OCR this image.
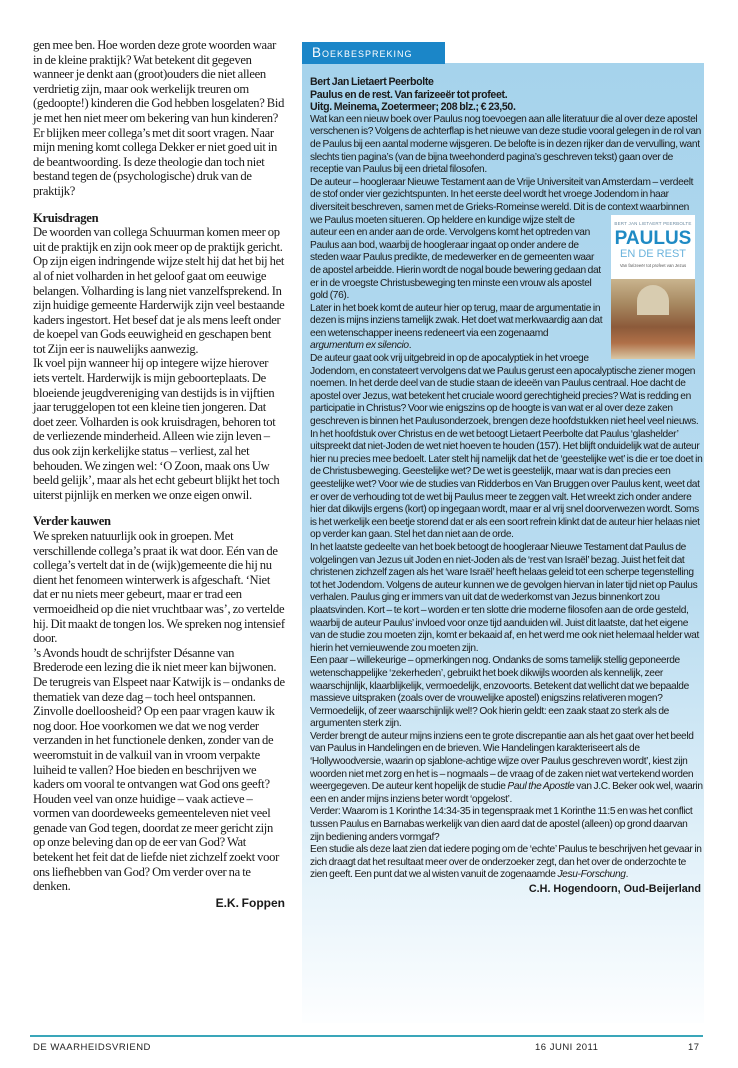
gen mee ben. Hoe worden deze grote woorden waar in de kleine praktijk? Wat betekent dit gegeven wanneer je denkt aan (groot)ouders die niet alleen verdrietig zijn, maar ook werkelijk treuren om (gedoopte!) kinderen die God hebben losgelaten? Bid je met hen niet meer om bekering van hun kinderen? Er blijken meer collega’s met dit soort vragen. Naar mijn mening komt collega Dekker er niet goed uit in de beantwoording. Is deze theologie dan toch niet bestand tegen de (psychologische) druk van de praktijk?

Kruisdragen

De woorden van collega Schuurman komen meer op uit de praktijk en zijn ook meer op de praktijk gericht. Op zijn eigen indringende wijze stelt hij dat het bij het al of niet volharden in het geloof gaat om eeuwige belangen. Volharding is lang niet vanzelfsprekend. In zijn huidige gemeente Harderwijk zijn veel bestaande kaders ingestort. Het besef dat je als mens leeft onder de koepel van Gods eeuwigheid en geschapen bent tot Zijn eer is nauwelijks aanwezig.

Ik voel pijn wanneer hij op integere wijze hierover iets vertelt. Harderwijk is mijn geboorteplaats. De bloeiende jeugdvereniging van destijds is in vijftien jaar teruggelopen tot een kleine tien jongeren. Dat doet zeer. Volharden is ook kruisdragen, behoren tot de verliezende minderheid. Alleen wie zijn leven – dus ook zijn kerkelijke status – verliest, zal het behouden. We zingen wel: ‘O Zoon, maak ons Uw beeld gelijk’, maar als het echt gebeurt blijkt het toch uiterst pijnlijk en merken we onze eigen onwil.

Verder kauwen

We spreken natuurlijk ook in groepen. Met verschillende collega’s praat ik wat door. Eén van de collega’s vertelt dat in de (wijk)gemeente die hij nu dient het fenomeen winterwerk is afgeschaft. ‘Niet dat er nu niets meer gebeurt, maar er trad een vermoeidheid op die niet vruchtbaar was’, zo vertelde hij. Dit maakt de tongen los. We spreken nog intensief door.

’s Avonds houdt de schrijfster Désanne van Brederode een lezing die ik niet meer kan bijwonen. De terugreis van Elspeet naar Katwijk is – ondanks de thematiek van deze dag – toch heel ontspannen. Zinvolle doelloosheid? Op een paar vragen kauw ik nog door. Hoe voorkomen we dat we nog verder verzanden in het functionele denken, zonder van de weeromstuit in de valkuil van in vroom verpakte luiheid te vallen? Hoe bieden en beschrijven we kaders om vooral te ontvangen wat God ons geeft? Houden veel van onze huidige – vaak actieve – vormen van doordeweeks gemeenteleven niet veel genade van God tegen, doordat ze meer gericht zijn op onze beleving dan op de eer van God? Wat betekent het feit dat de liefde niet zichzelf zoekt voor ons liefhebben van God? Om verder over na te denken.

E.K. Foppen

Boekbespreking

Bert Jan Lietaert Peerbolte

Paulus en de rest. Van farizeeër tot profeet.

Uitg. Meinema, Zoetermeer; 208 blz.; € 23,50.

Wat kan een nieuw boek over Paulus nog toevoegen aan alle literatuur die al over deze apostel verschenen is? Volgens de achterflap is het nieuwe van deze studie vooral gelegen in de rol van de Paulus bij een aantal moderne wijsgeren. De belofte is in dezen rijker dan de vervulling, want slechts tien pagina’s (van de bijna tweehonderd pagina’s geschreven tekst) gaan over de receptie van Paulus bij een drietal filosofen.

BERT JAN LIETAERT PEERBOLTE
PAULUS
EN DE REST
Van farizeeër tot profeet van Jezus

De auteur – hoogleraar Nieuwe Testament aan de Vrije Universiteit van Amsterdam – verdeelt de stof onder vier gezichtspunten. In het eerste deel wordt het vroege Jodendom in haar diversiteit beschreven, samen met de Grieks-Romeinse wereld. Dit is de context waarbinnen we Paulus moeten situeren. Op heldere en kundige wijze stelt de auteur een en ander aan de orde. Vervolgens komt het optreden van Paulus aan bod, waarbij de hoogleraar ingaat op onder andere de steden waar Paulus predikte, de medewerker en de gemeenten waar de apostel arbeidde. Hierin wordt de nogal boude bewering gedaan dat er in de vroegste Christusbeweging ten minste een vrouw als apostel gold (76).

Later in het boek komt de auteur hier op terug, maar de argumentatie in dezen is mijns inziens tamelijk zwak. Het doet wat merkwaardig aan dat een wetenschapper ineens redeneert via een zogenaamd argumentum ex silencio.

De auteur gaat ook vrij uitgebreid in op de apocalyptiek in het vroege Jodendom, en constateert vervolgens dat we Paulus gerust een apocalyptische ziener mogen noemen. In het derde deel van de studie staan de ideeën van Paulus centraal. Hoe dacht de apostel over Jezus, wat betekent het cruciale woord gerechtigheid precies? Wat is redding en participatie in Christus? Voor wie enigszins op de hoogte is van wat er al over deze zaken geschreven is binnen het Paulusonderzoek, brengen deze hoofdstukken niet heel veel nieuws. In het hoofdstuk over Christus en de wet betoogt Lietaert Peerbolte dat Paulus ‘glashelder’ uitspreekt dat niet-Joden de wet niet hoeven te houden (157). Het blijft onduidelijk wat de auteur hier nu precies mee bedoelt. Later stelt hij namelijk dat het de ‘geestelijke wet’ is die er toe doet in de Christusbeweging. Geestelijke wet? De wet is geestelijk, maar wat is dan precies een geestelijke wet? Voor wie de studies van Ridderbos en Van Bruggen over Paulus kent, weet dat er over de verhouding tot de wet bij Paulus meer te zeggen valt. Het wreekt zich onder andere hier dat dikwijls ergens (kort) op ingegaan wordt, maar er al vrij snel doorverwezen wordt. Soms is het werkelijk een beetje storend dat er als een soort refrein klinkt dat de auteur hier helaas niet op verder kan gaan. Stel het dan niet aan de orde.

In het laatste gedeelte van het boek betoogt de hoogleraar Nieuwe Testament dat Paulus de volgelingen van Jezus uit Joden en niet-Joden als de ‘rest van Israël’ bezag. Juist het feit dat christenen zichzelf zagen als het ‘ware Israël’ heeft helaas geleid tot een scherpe tegenstelling tot het Jodendom. Volgens de auteur kunnen we de gevolgen hiervan in later tijd niet op Paulus verhalen. Paulus ging er immers van uit dat de wederkomst van Jezus binnenkort zou plaatsvinden. Kort – te kort – worden er ten slotte drie moderne filosofen aan de orde gesteld, waarbij de auteur Paulus’ invloed voor onze tijd aanduiden wil. Juist dit laatste, dat het eigene van de studie zou moeten zijn, komt er bekaaid af, en het werd me ook niet helemaal helder wat hierin het vernieuwende zou moeten zijn.

Een paar – willekeurige – opmerkingen nog. Ondanks de soms tamelijk stellig geponeerde wetenschappelijke ‘zekerheden’, gebruikt het boek dikwijls woorden als kennelijk, zeer waarschijnlijk, klaarblijkelijk, vermoedelijk, enzovoorts. Betekent dat wellicht dat we bepaalde massieve uitspraken (zoals over de vrouwelijke apostel) enigszins relativeren mogen? Vermoedelijk, of zeer waarschijnlijk wel!? Ook hierin geldt: een zaak staat zo sterk als de argumenten sterk zijn.

Verder brengt de auteur mijns inziens een te grote discrepantie aan als het gaat over het beeld van Paulus in Handelingen en de brieven. Wie Handelingen karakteriseert als de ‘Hollywoodversie, waarin op sjablone-achtige wijze over Paulus geschreven wordt’, kiest zijn woorden niet met zorg en het is – nogmaals – de vraag of de zaken niet wat vertekend worden weergegeven. De auteur kent hopelijk de studie Paul the Apostle van J.C. Beker ook wel, waarin een en ander mijns inziens beter wordt ‘opgelost’.

Verder: Waarom is 1 Korinthe 14:34-35 in tegenspraak met 1 Korinthe 11:5 en was het conflict tussen Paulus en Barnabas werkelijk van dien aard dat de apostel (alleen) op grond daarvan zijn bediening anders vormgaf?

Een studie als deze laat zien dat iedere poging om de ‘echte’ Paulus te beschrijven het gevaar in zich draagt dat het resultaat meer over de onderzoeker zegt, dan het over de onderzochte te zien geeft. Een punt dat we al wisten vanuit de zogenaamde Jesu-Forschung.

C.H. Hogendoorn, Oud-Beijerland

DE WAARHEIDSVRIEND	16 JUNI 2011	17
